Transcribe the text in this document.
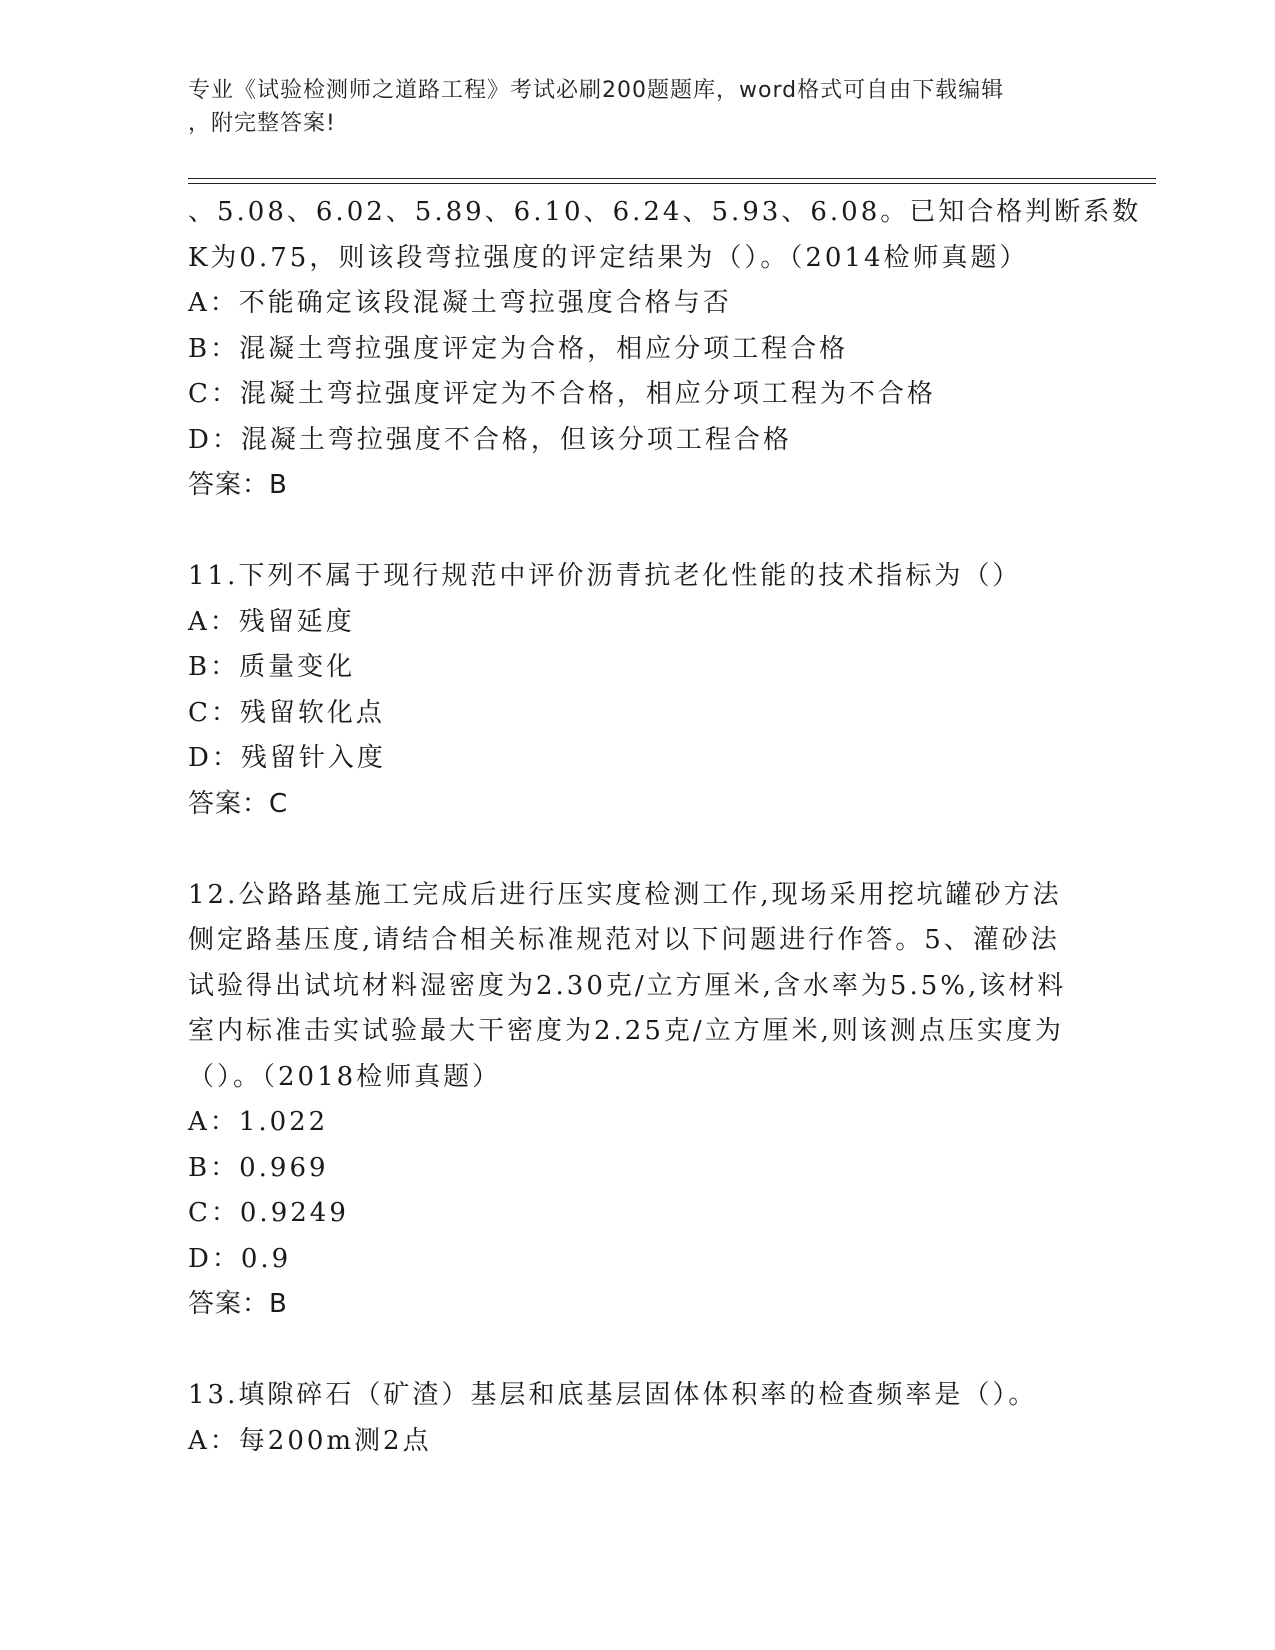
专业《试验检测师之道路工程》考试必刷200题题库，word格式可自由下载编辑
，附完整答案!
、5.08、6.02、5.89、6.10、6.24、5.93、6.08。已知合格判断系数
K为0.75，则该段弯拉强度的评定结果为（）。（2014检师真题）
A：不能确定该段混凝土弯拉强度合格与否
B：混凝土弯拉强度评定为合格，相应分项工程合格
C：混凝土弯拉强度评定为不合格，相应分项工程为不合格
D：混凝土弯拉强度不合格，但该分项工程合格
答案：B
11.下列不属于现行规范中评价沥青抗老化性能的技术指标为（）
A：残留延度
B：质量变化
C：残留软化点
D：残留针入度
答案：C
12.公路路基施工完成后进行压实度检测工作,现场采用挖坑罐砂方法
侧定路基压度,请结合相关标准规范对以下问题进行作答。5、灌砂法
试验得出试坑材料湿密度为2.30克/立方厘米,含水率为5.5%,该材料
室内标准击实试验最大干密度为2.25克/立方厘米,则该测点压实度为
（）。（2018检师真题）
A：1.022
B：0.969
C：0.9249
D：0.9
答案：B
13.填隙碎石（矿渣）基层和底基层固体体积率的检查频率是（）。
A：每200m测2点
